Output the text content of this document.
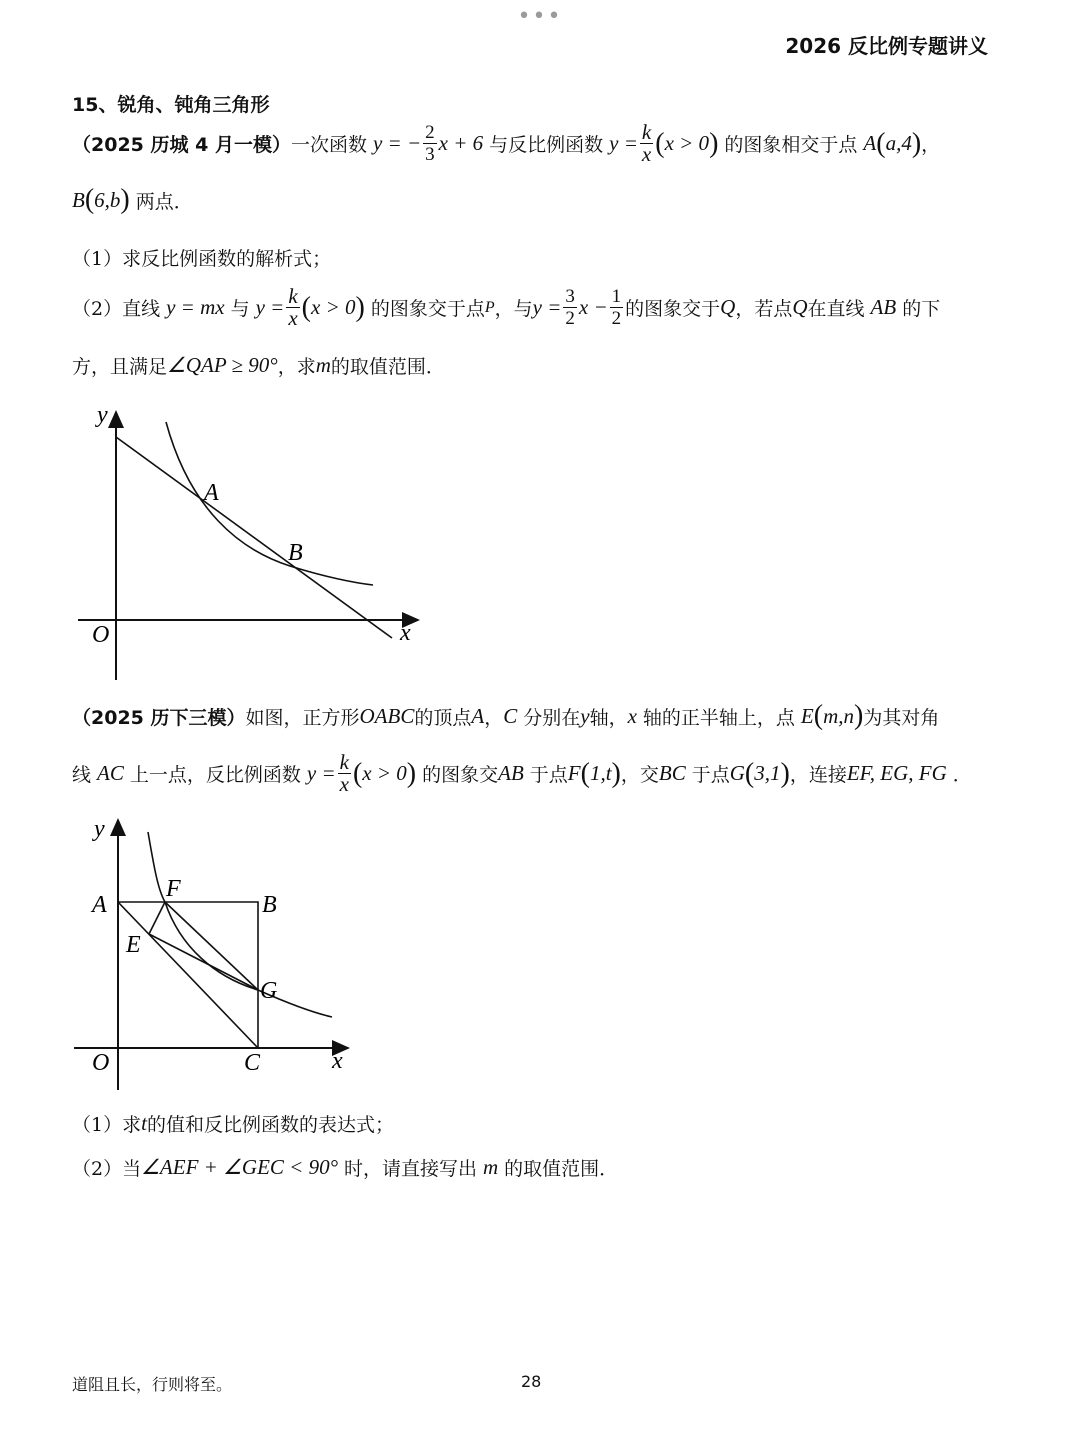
•••
2026 反比例专题讲义
15、锐角、钝角三角形
（2025 历城 4 月一模） 一次函数 y = − $\frac{2}{3}$ x + 6 与反比例函数 $y = \frac{k}{x}$ ( x > 0 ) 的图象相交于点 A ( a,4 ) ，
B ( 6,b ) 两点．
（1）求反比例函数的解析式；
（2）直线 y = mx 与 $y = \frac{k}{x}$ ( x > 0 ) 的图象交于点 P ，与 $y = \frac{3}{2}$ $x - \frac{1}{2}$ 的图象交于 Q ，若点 Q 在直线 AB 的下
方，且满足 ∠QAP ≥ 90° ，求 m 的取值范围．
y
x
O
A
B
（2025 历下三模） 如图，正方形 OABC 的顶点 A ， C 分别在 y 轴， x 轴的正半轴上，点 E ( m,n ) 为其对角
线 AC 上一点，反比例函数 $y = \frac{k}{x}$ ( x > 0 ) 的图象交 AB 于点 F ( 1,t ) ，交 BC 于点 G ( 3,1 ) ，连接 EF, EG, FG ．
y
x
O
A	B
C
E
F
G
（1）求 t 的值和反比例函数的表达式；
（2）当 ∠AEF + ∠GEC < 90° 时，请直接写出 m 的取值范围．
道阻且长，行则将至。	28
